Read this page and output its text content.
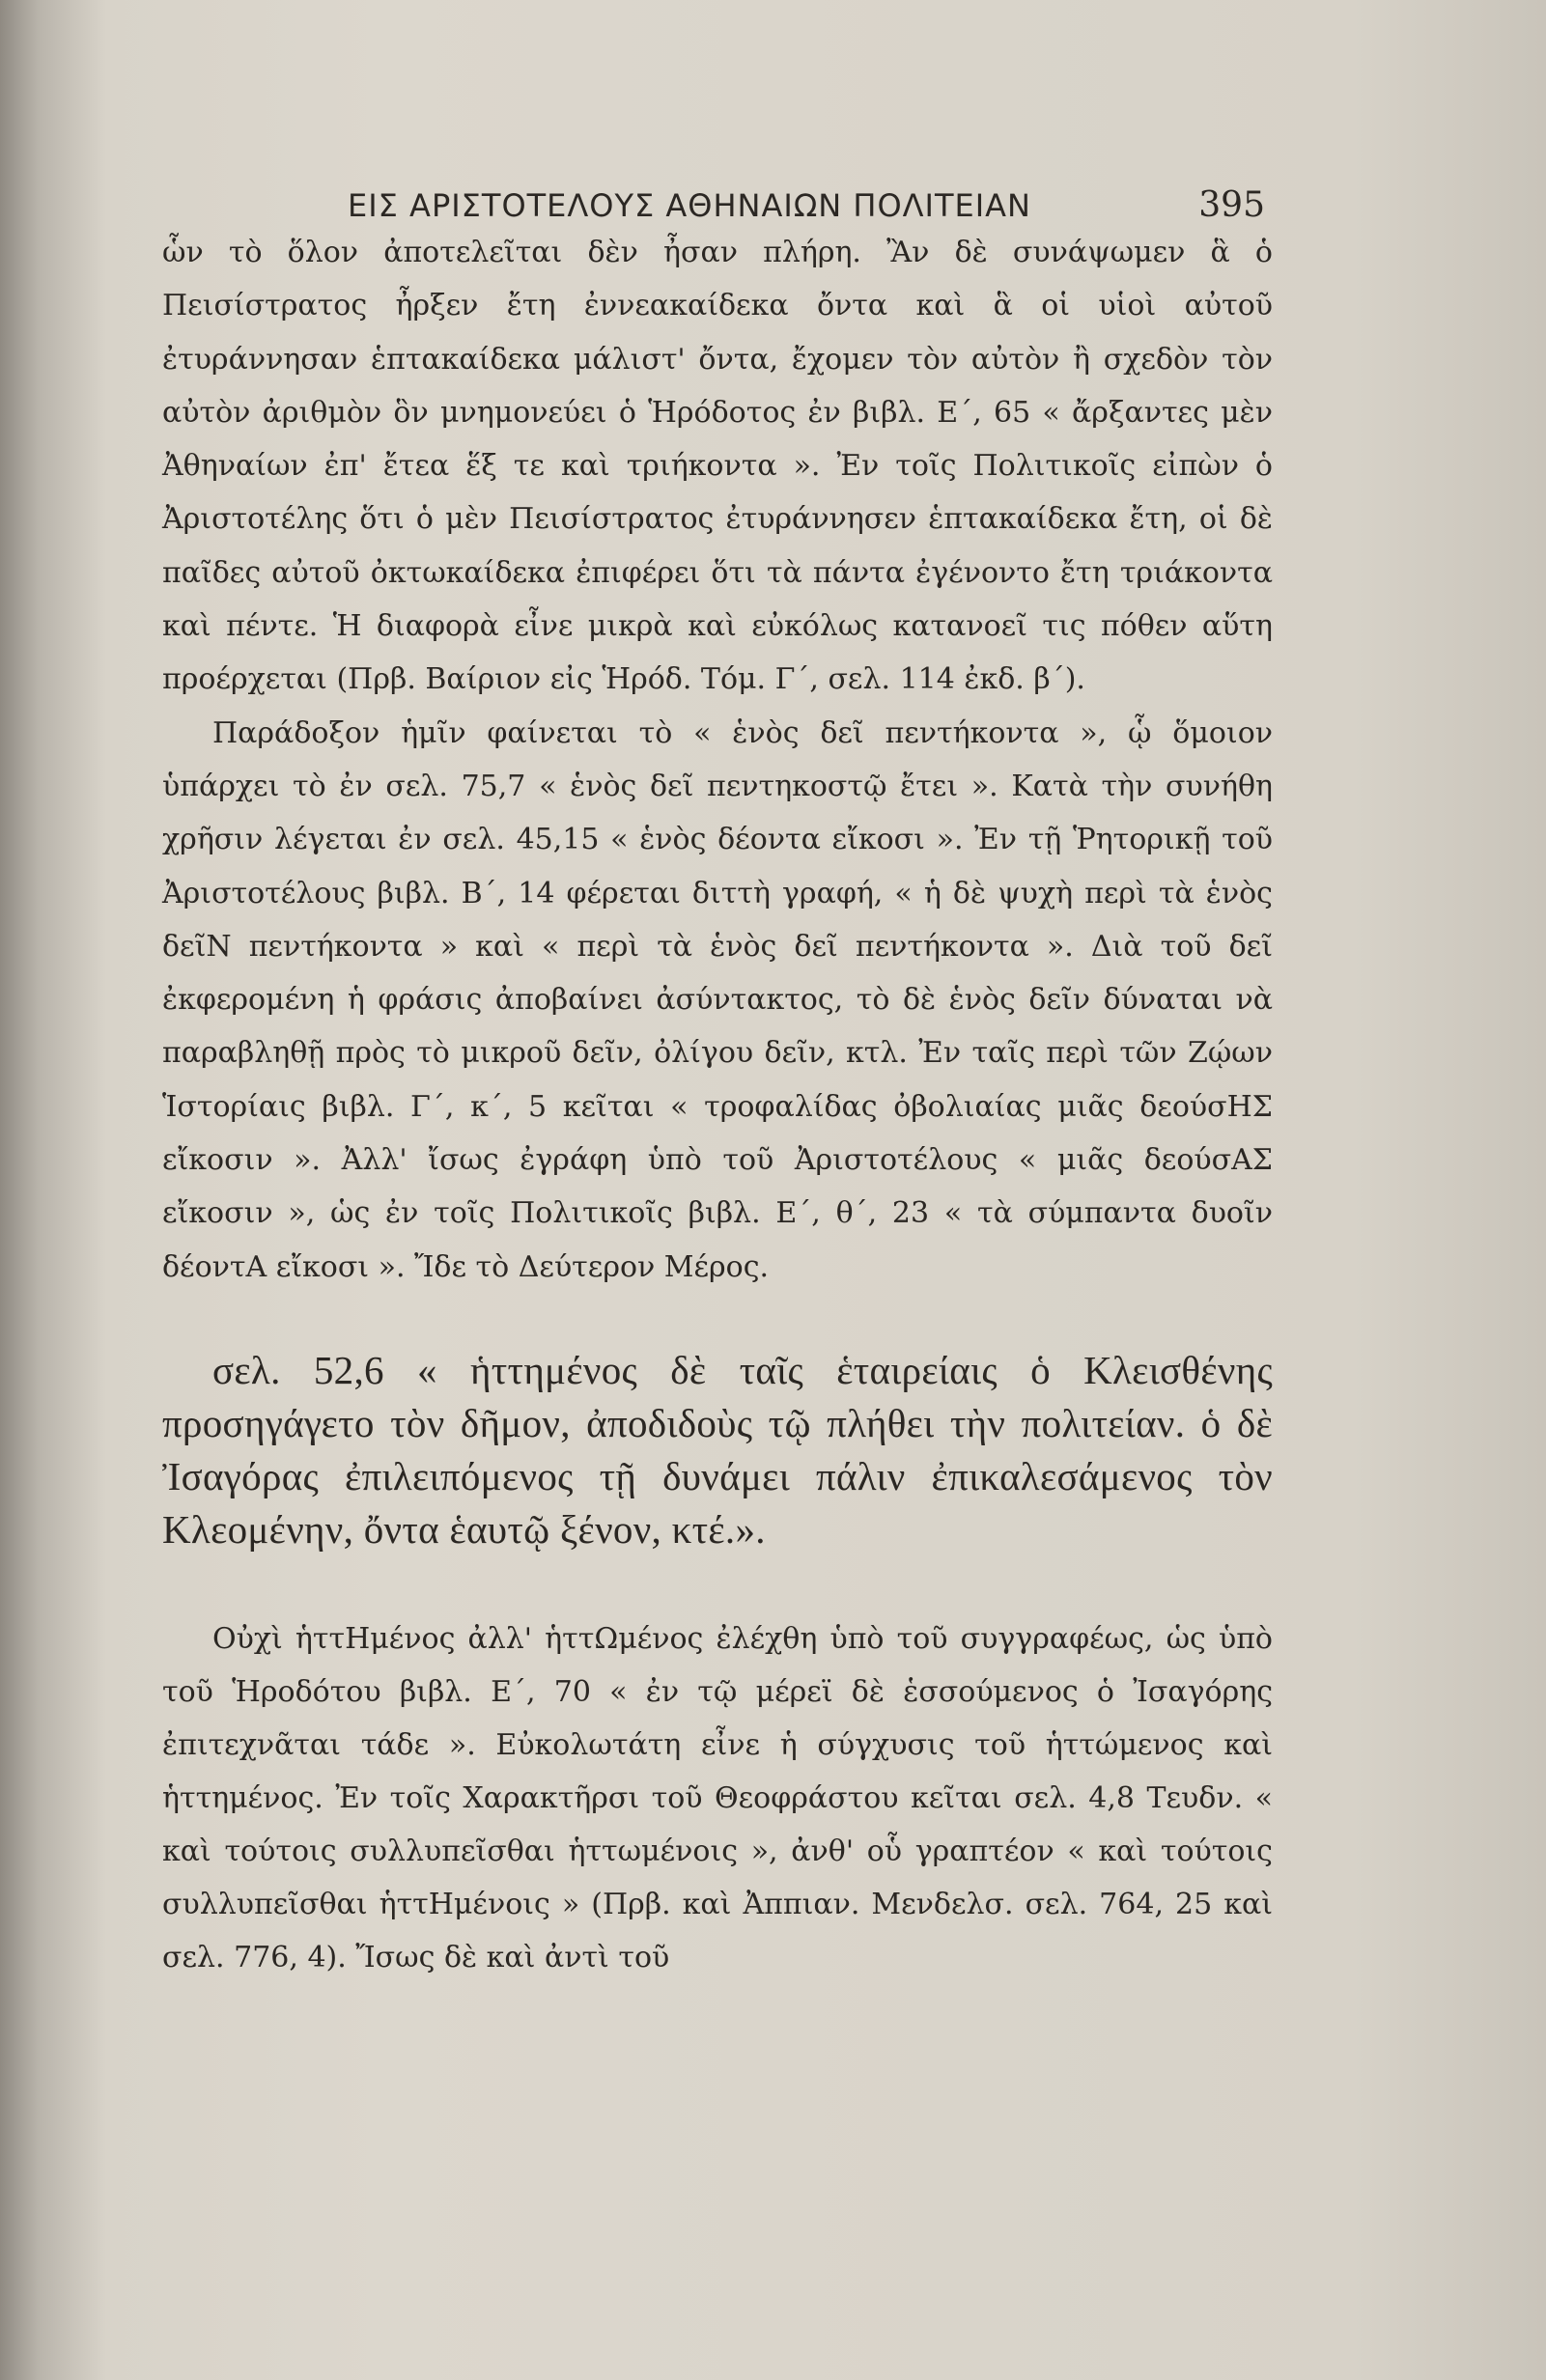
ΕΙΣ ΑΡΙΣΤΟΤΕΛΟΥΣ ΑΘΗΝΑΙΩΝ ΠΟΛΙΤΕΙΑΝ	395

ὧν τὸ ὅλον ἀποτελεῖται δὲν ἦσαν πλήρη. Ἂν δὲ συνάψωμεν ἃ ὁ Πεισίστρατος ἦρξεν ἔτη ἐννεακαίδεκα ὄντα καὶ ἃ οἱ υἱοὶ αὐτοῦ ἐτυράννησαν ἑπτακαίδεκα μάλιστ' ὄντα, ἔχομεν τὸν αὐτὸν ἢ σχεδὸν τὸν αὐτὸν ἀριθμὸν ὃν μνημονεύει ὁ Ἡρόδοτος ἐν βιβλ. Ε΄, 65 « ἄρξαντες μὲν Ἀθηναίων ἐπ' ἔτεα ἕξ τε καὶ τριήκοντα ». Ἐν τοῖς Πολιτικοῖς εἰπὼν ὁ Ἀριστοτέλης ὅτι ὁ μὲν Πεισίστρατος ἐτυράννησεν ἑπτακαίδεκα ἔτη, οἱ δὲ παῖδες αὐτοῦ ὀκτωκαίδεκα ἐπιφέρει ὅτι τὰ πάντα ἐγένοντο ἔτη τριάκοντα καὶ πέντε. Ἡ διαφορὰ εἶνε μικρὰ καὶ εὐκόλως κατανοεῖ τις πόθεν αὕτη προέρχεται (Πρβ. Βαίριον εἰς Ἡρόδ. Τόμ. Γ΄, σελ. 114 ἐκδ. β΄).

Παράδοξον ἡμῖν φαίνεται τὸ « ἑνὸς δεῖ πεντήκοντα », ᾧ ὅμοιον ὑπάρχει τὸ ἐν σελ. 75,7 « ἑνὸς δεῖ πεντηκοστῷ ἔτει ». Κατὰ τὴν συνήθη χρῆσιν λέγεται ἐν σελ. 45,15 « ἑνὸς δέοντα εἴκοσι ». Ἐν τῇ Ῥητορικῇ τοῦ Ἀριστοτέλους βιβλ. Β΄, 14 φέρεται διττὴ γραφή, « ἡ δὲ ψυχὴ περὶ τὰ ἑνὸς δεῖΝ πεντήκοντα » καὶ « περὶ τὰ ἑνὸς δεῖ πεντήκοντα ». Διὰ τοῦ δεῖ ἐκφερομένη ἡ φράσις ἀποβαίνει ἀσύντακτος, τὸ δὲ ἑνὸς δεῖν δύναται νὰ παραβληθῇ πρὸς τὸ μικροῦ δεῖν, ὀλίγου δεῖν, κτλ. Ἐν ταῖς περὶ τῶν Ζῴων Ἱστορίαις βιβλ. Γ΄, κ΄, 5 κεῖται « τροφαλίδας ὀβολιαίας μιᾶς δεούσΗΣ εἴκοσιν ». Ἀλλ' ἴσως ἐγράφη ὑπὸ τοῦ Ἀριστοτέλους « μιᾶς δεούσΑΣ εἴκοσιν », ὡς ἐν τοῖς Πολιτικοῖς βιβλ. Ε΄, θ΄, 23 « τὰ σύμπαντα δυοῖν δέοντΑ εἴκοσι ». Ἴδε τὸ Δεύτερον Μέρος.

σελ. 52,6 « ἡττημένος δὲ ταῖς ἑταιρείαις ὁ Κλεισθένης προσηγάγετο τὸν δῆμον, ἀποδιδοὺς τῷ πλήθει τὴν πολιτείαν. ὁ δὲ Ἰσαγόρας ἐπιλειπόμενος τῇ δυνάμει πάλιν ἐπικαλεσάμενος τὸν Κλεομένην, ὄντα ἑαυτῷ ξένον, κτέ.».

Οὐχὶ ἡττΗμένος ἀλλ' ἡττΩμένος ἐλέχθη ὑπὸ τοῦ συγγραφέως, ὡς ὑπὸ τοῦ Ἡροδότου βιβλ. Ε΄, 70 « ἐν τῷ μέρεϊ δὲ ἑσσούμενος ὁ Ἰσαγόρης ἐπιτεχνᾶται τάδε ». Εὐκολωτάτη εἶνε ἡ σύγχυσις τοῦ ἡττώμενος καὶ ἡττημένος. Ἐν τοῖς Χαρακτῆρσι τοῦ Θεοφράστου κεῖται σελ. 4,8 Τευδν. « καὶ τούτοις συλλυπεῖσθαι ἡττωμένοις », ἀνθ' οὗ γραπτέον « καὶ τούτοις συλλυπεῖσθαι ἡττΗμένοις » (Πρβ. καὶ Ἀππιαν. Μενδελσ. σελ. 764, 25 καὶ σελ. 776, 4). Ἴσως δὲ καὶ ἀντὶ τοῦ
